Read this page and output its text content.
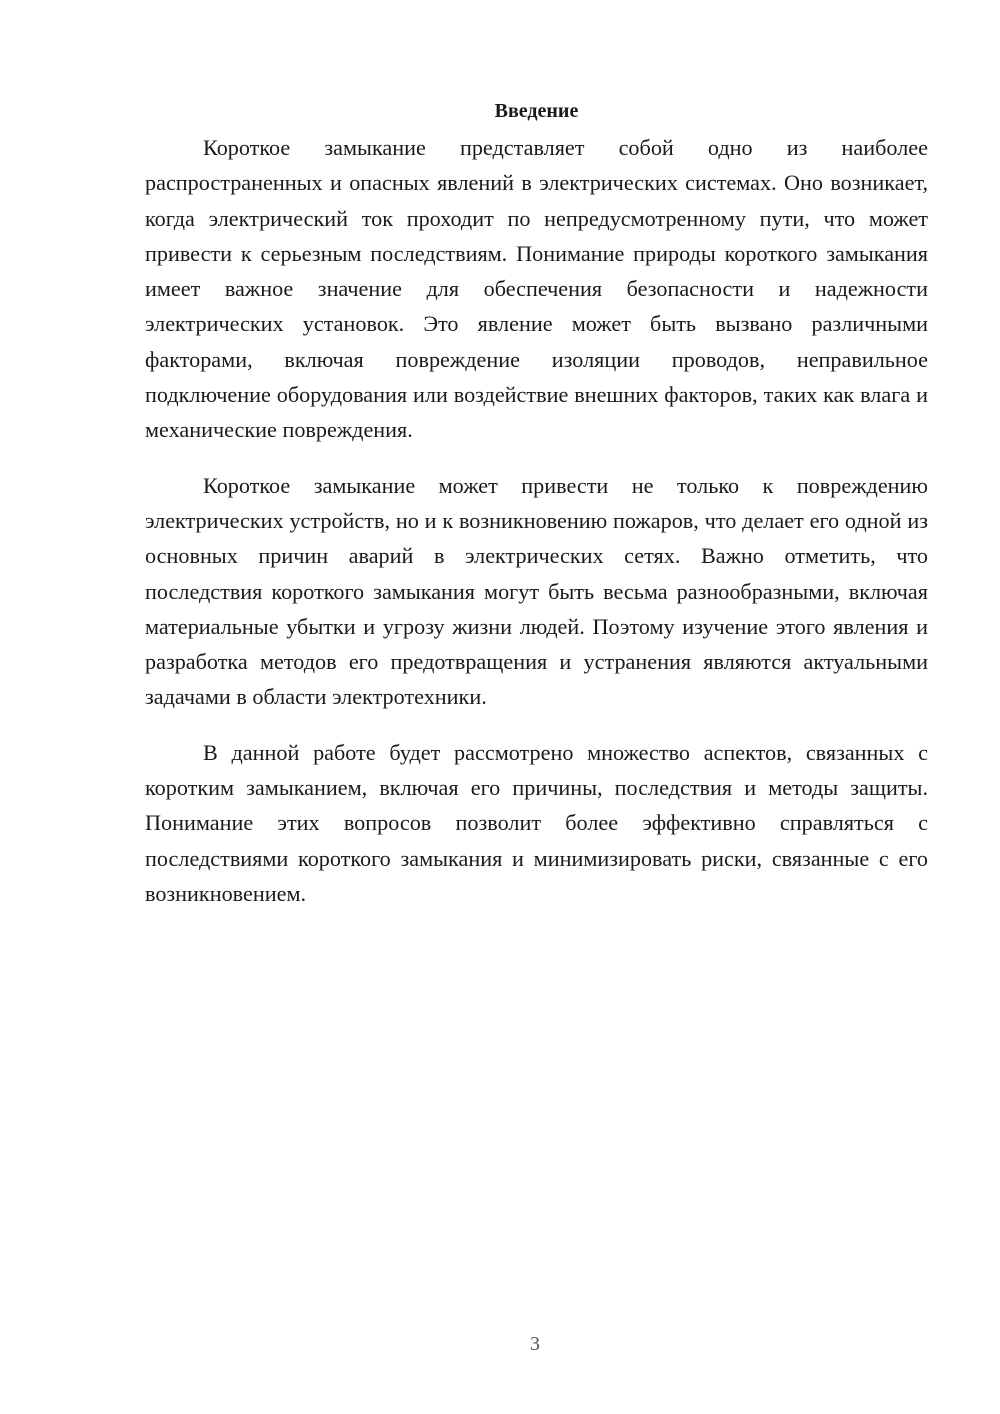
Введение

Короткое замыкание представляет собой одно из наиболее распространенных и опасных явлений в электрических системах. Оно возникает, когда электрический ток проходит по непредусмотренному пути, что может привести к серьезным последствиям. Понимание природы короткого замыкания имеет важное значение для обеспечения безопасности и надежности электрических установок. Это явление может быть вызвано различными факторами, включая повреждение изоляции проводов, неправильное подключение оборудования или воздействие внешних факторов, таких как влага и механические повреждения.

Короткое замыкание может привести не только к повреждению электрических устройств, но и к возникновению пожаров, что делает его одной из основных причин аварий в электрических сетях. Важно отметить, что последствия короткого замыкания могут быть весьма разнообразными, включая материальные убытки и угрозу жизни людей. Поэтому изучение этого явления и разработка методов его предотвращения и устранения являются актуальными задачами в области электротехники.

В данной работе будет рассмотрено множество аспектов, связанных с коротким замыканием, включая его причины, последствия и методы защиты. Понимание этих вопросов позволит более эффективно справляться с последствиями короткого замыкания и минимизировать риски, связанные с его возникновением.

3
